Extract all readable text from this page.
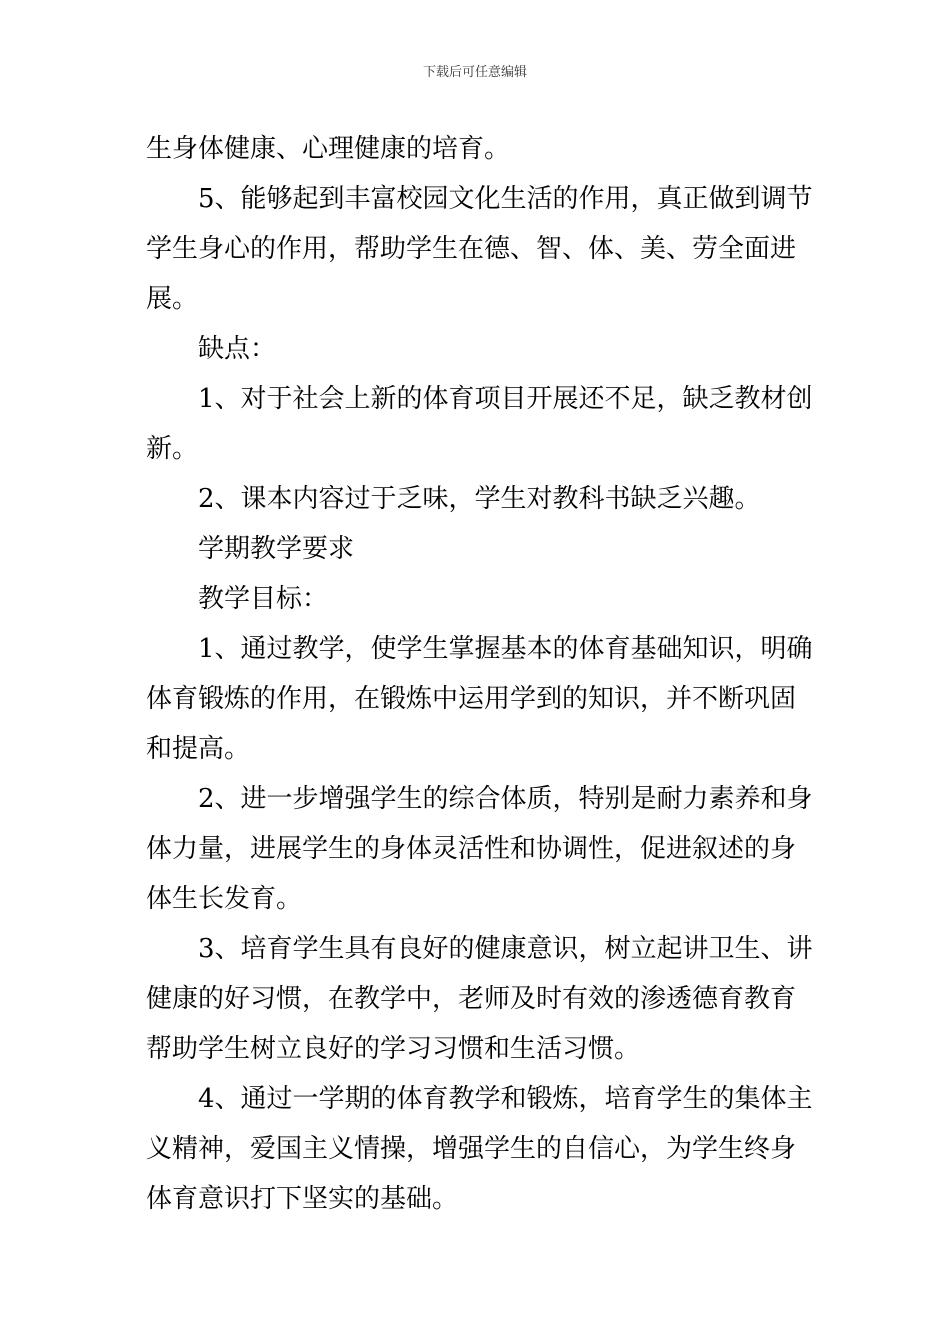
下载后可任意编辑
生身体健康、心理健康的培育。
5、能够起到丰富校园文化生活的作用，真正做到调节
学生身心的作用，帮助学生在德、智、体、美、劳全面进
展。
缺点：
1、对于社会上新的体育项目开展还不足，缺乏教材创
新。
2、课本内容过于乏味，学生对教科书缺乏兴趣。
学期教学要求
教学目标：
1、通过教学，使学生掌握基本的体育基础知识，明确
体育锻炼的作用，在锻炼中运用学到的知识，并不断巩固
和提高。
2、进一步增强学生的综合体质，特别是耐力素养和身
体力量，进展学生的身体灵活性和协调性，促进叙述的身
体生长发育。
3、培育学生具有良好的健康意识，树立起讲卫生、讲
健康的好习惯，在教学中，老师及时有效的渗透德育教育
帮助学生树立良好的学习习惯和生活习惯。
4、通过一学期的体育教学和锻炼，培育学生的集体主
义精神，爱国主义情操，增强学生的自信心，为学生终身
体育意识打下坚实的基础。
